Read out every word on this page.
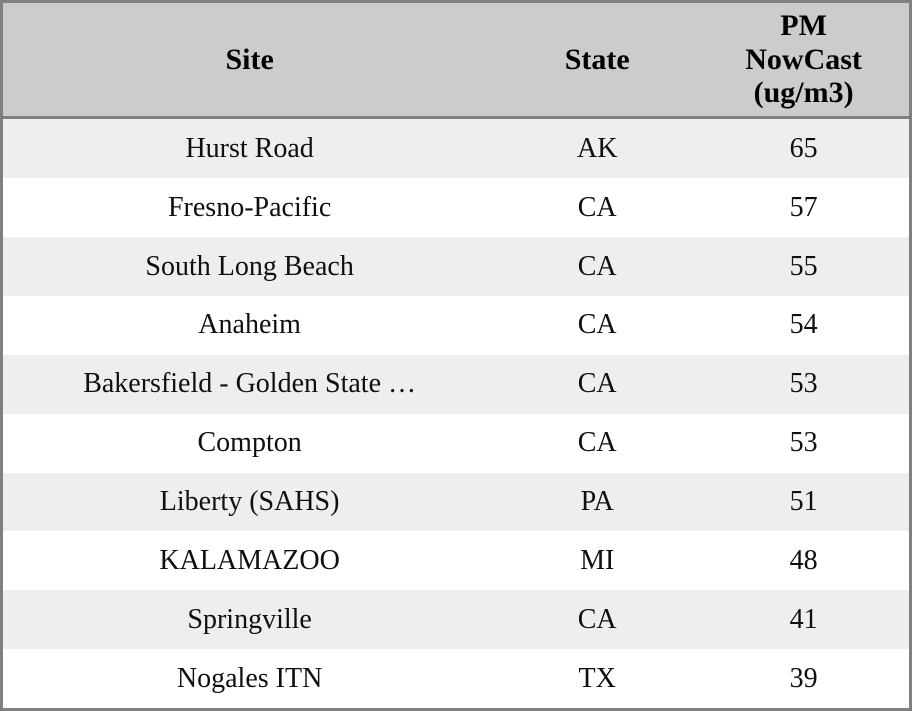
Site	State	PM
NowCast
(ug/m3)

Hurst Road	AK	65
Fresno-Pacific	CA	57
South Long Beach	CA	55
Anaheim	CA	54
Bakersfield - Golden State …	CA	53
Compton	CA	53
Liberty (SAHS)	PA	51
KALAMAZOO	MI	48
Springville	CA	41
Nogales ITN	TX	39
